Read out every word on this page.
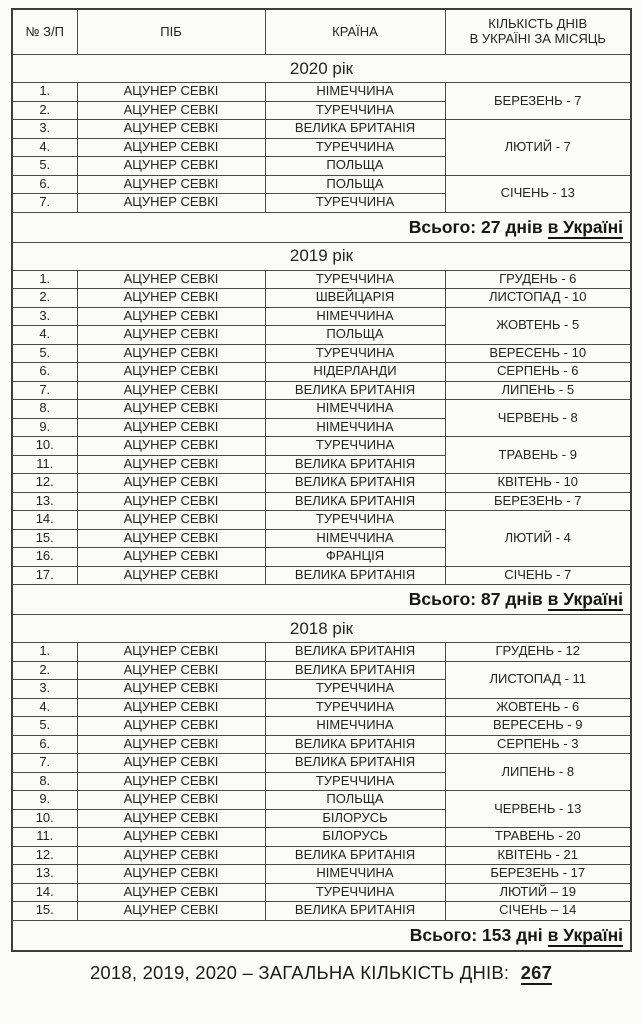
№ З/П	ПІБ	КРАЇНА	КІЛЬКІСТЬ ДНІВ
В УКРАЇНІ ЗА МІСЯЦЬ

2020 рік			
1.	АЦУНЕР СЕВКІ	НІМЕЧЧИНА	БЕРЕЗЕНЬ - 7
2.	АЦУНЕР СЕВКІ	ТУРЕЧЧИНА	
3.	АЦУНЕР СЕВКІ	ВЕЛИКА БРИТАНІЯ	ЛЮТИЙ - 7
4.	АЦУНЕР СЕВКІ	ТУРЕЧЧИНА	
5.	АЦУНЕР СЕВКІ	ПОЛЬЩА	
6.	АЦУНЕР СЕВКІ	ПОЛЬЩА	СІЧЕНЬ - 13
7.	АЦУНЕР СЕВКІ	ТУРЕЧЧИНА	
Всього: 27 днів в Україні			
2019 рік			
1.	АЦУНЕР СЕВКІ	ТУРЕЧЧИНА	ГРУДЕНЬ - 6
2.	АЦУНЕР СЕВКІ	ШВЕЙЦАРІЯ	ЛИСТОПАД - 10
3.	АЦУНЕР СЕВКІ	НІМЕЧЧИНА	ЖОВТЕНЬ - 5
4.	АЦУНЕР СЕВКІ	ПОЛЬЩА	
5.	АЦУНЕР СЕВКІ	ТУРЕЧЧИНА	ВЕРЕСЕНЬ - 10
6.	АЦУНЕР СЕВКІ	НІДЕРЛАНДИ	СЕРПЕНЬ - 6
7.	АЦУНЕР СЕВКІ	ВЕЛИКА БРИТАНІЯ	ЛИПЕНЬ - 5
8.	АЦУНЕР СЕВКІ	НІМЕЧЧИНА	ЧЕРВЕНЬ - 8
9.	АЦУНЕР СЕВКІ	НІМЕЧЧИНА	
10.	АЦУНЕР СЕВКІ	ТУРЕЧЧИНА	ТРАВЕНЬ - 9
11.	АЦУНЕР СЕВКІ	ВЕЛИКА БРИТАНІЯ	
12.	АЦУНЕР СЕВКІ	ВЕЛИКА БРИТАНІЯ	КВІТЕНЬ - 10
13.	АЦУНЕР СЕВКІ	ВЕЛИКА БРИТАНІЯ	БЕРЕЗЕНЬ - 7
14.	АЦУНЕР СЕВКІ	ТУРЕЧЧИНА	ЛЮТИЙ - 4
15.	АЦУНЕР СЕВКІ	НІМЕЧЧИНА	
16.	АЦУНЕР СЕВКІ	ФРАНЦІЯ	
17.	АЦУНЕР СЕВКІ	ВЕЛИКА БРИТАНІЯ	СІЧЕНЬ - 7
Всього: 87 днів в Україні			
2018 рік			
1.	АЦУНЕР СЕВКІ	ВЕЛИКА БРИТАНІЯ	ГРУДЕНЬ - 12
2.	АЦУНЕР СЕВКІ	ВЕЛИКА БРИТАНІЯ	ЛИСТОПАД - 11
3.	АЦУНЕР СЕВКІ	ТУРЕЧЧИНА	
4.	АЦУНЕР СЕВКІ	ТУРЕЧЧИНА	ЖОВТЕНЬ - 6
5.	АЦУНЕР СЕВКІ	НІМЕЧЧИНА	ВЕРЕСЕНЬ - 9
6.	АЦУНЕР СЕВКІ	ВЕЛИКА БРИТАНІЯ	СЕРПЕНЬ - 3
7.	АЦУНЕР СЕВКІ	ВЕЛИКА БРИТАНІЯ	ЛИПЕНЬ - 8
8.	АЦУНЕР СЕВКІ	ТУРЕЧЧИНА	
9.	АЦУНЕР СЕВКІ	ПОЛЬЩА	ЧЕРВЕНЬ - 13
10.	АЦУНЕР СЕВКІ	БІЛОРУСЬ	
11.	АЦУНЕР СЕВКІ	БІЛОРУСЬ	ТРАВЕНЬ - 20
12.	АЦУНЕР СЕВКІ	ВЕЛИКА БРИТАНІЯ	КВІТЕНЬ - 21
13.	АЦУНЕР СЕВКІ	НІМЕЧЧИНА	БЕРЕЗЕНЬ - 17
14.	АЦУНЕР СЕВКІ	ТУРЕЧЧИНА	ЛЮТИЙ – 19
15.	АЦУНЕР СЕВКІ	ВЕЛИКА БРИТАНІЯ	СІЧЕНЬ – 14
Всього: 153 дні в Україні			
2018, 2019, 2020 – ЗАГАЛЬНА КІЛЬКІСТЬ ДНІВ: 267
